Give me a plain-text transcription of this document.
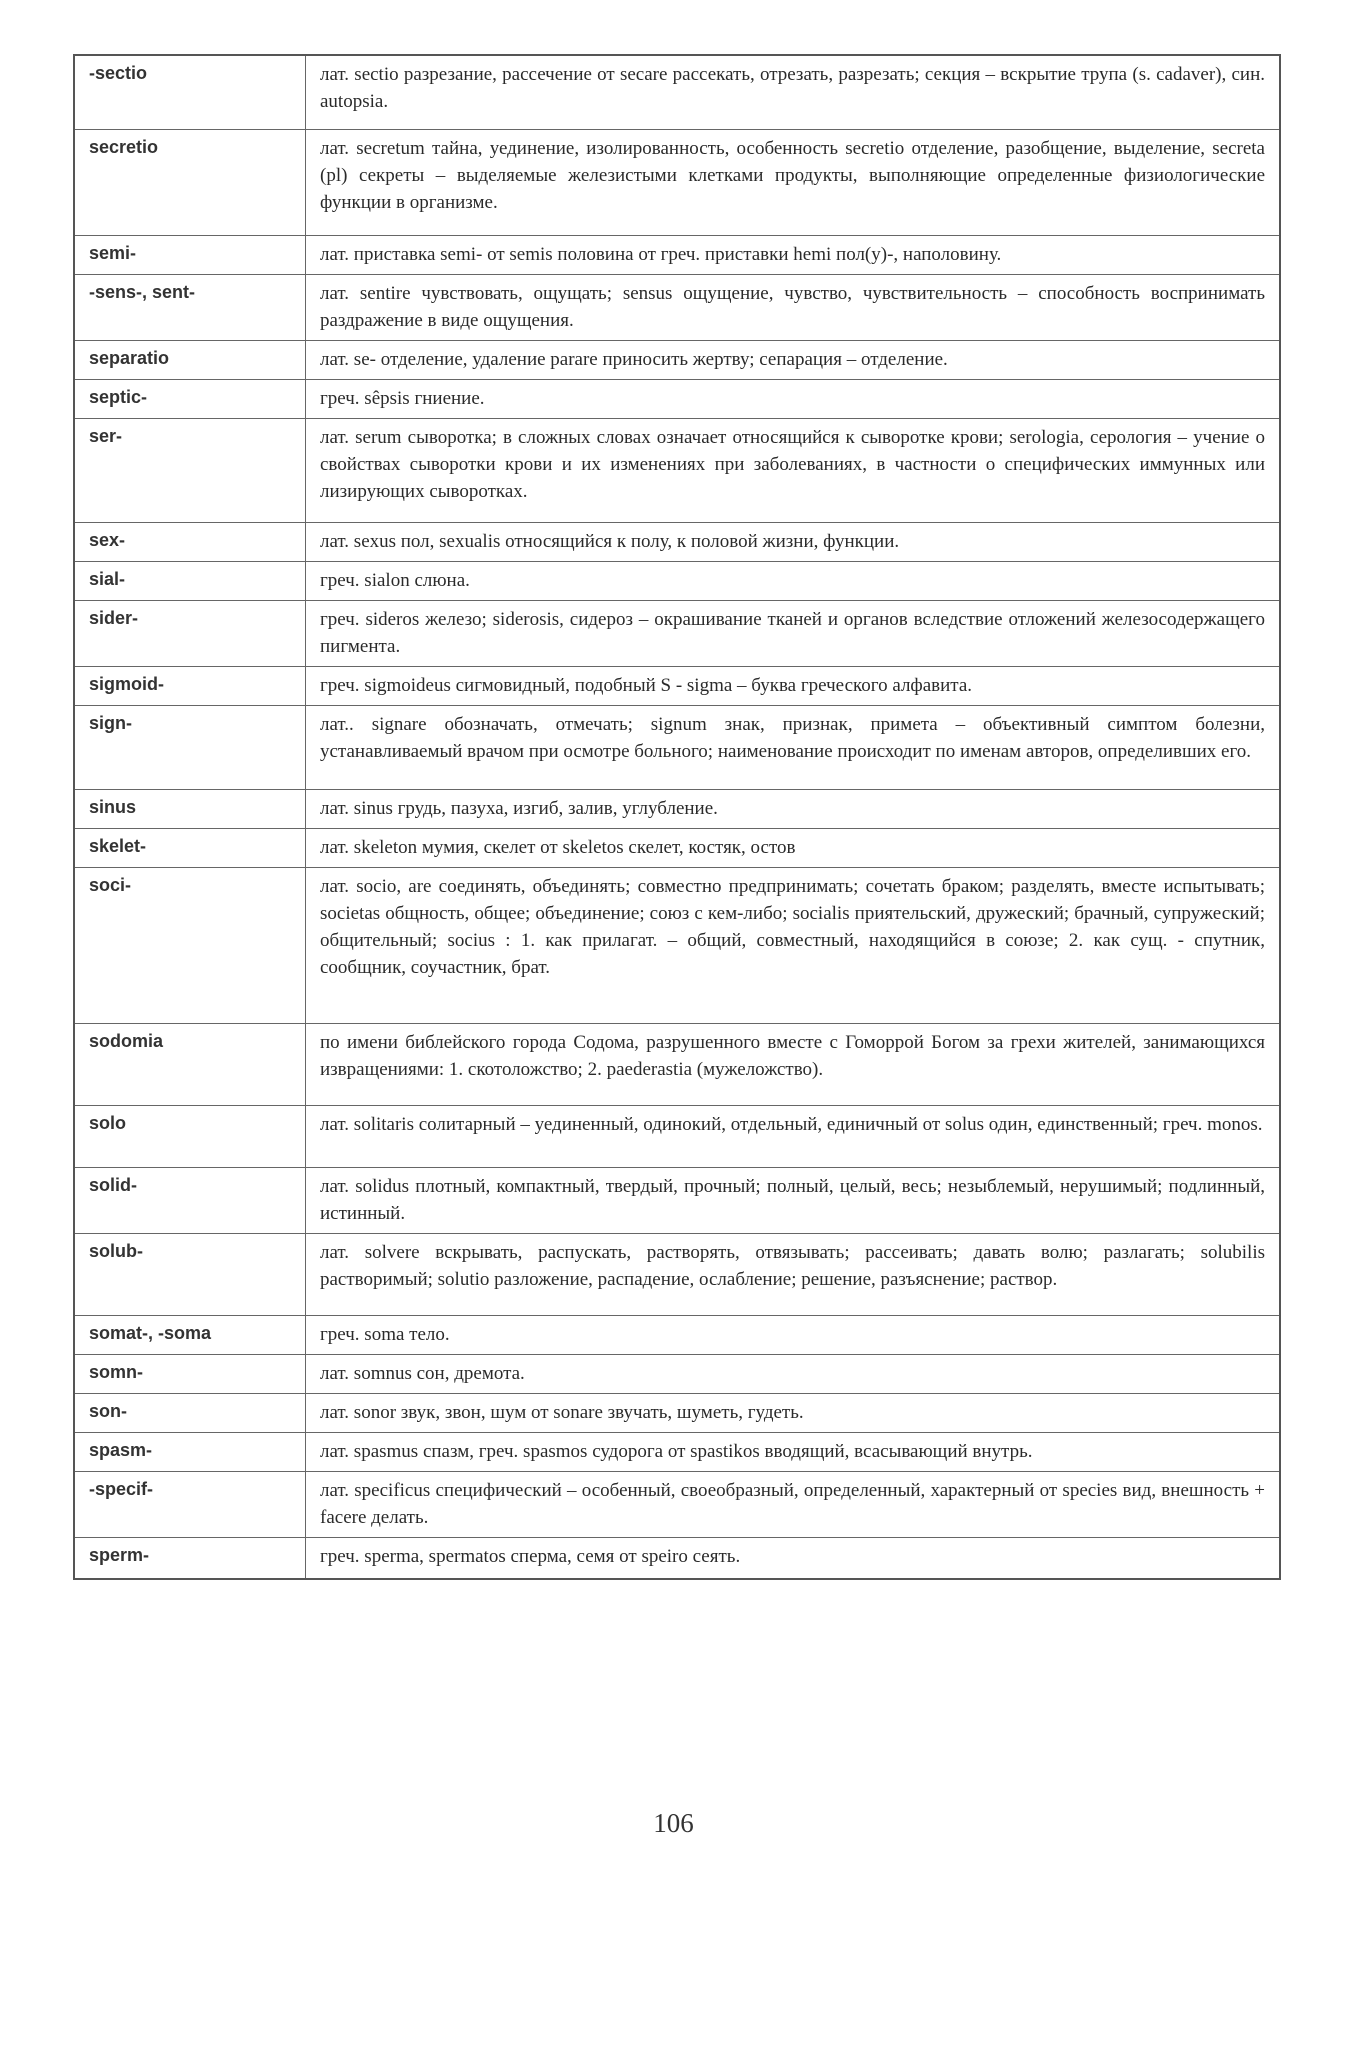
-sectio	лат. sectio разрезание, рассечение от secare рассекать, отрезать, разрезать; секция – вскрытие трупа (s. cadaver), син. autopsia.
secretio	лат. secretum тайна, уединение, изолированность, особенность secretio отделение, разобщение, выделение, secreta (pl) секреты – выделяемые железистыми клетками продукты, выполняющие определенные физиологические функции в организме.
semi-	лат. приставка semi- от semis половина от греч. приставки hemi пол(у)-, наполовину.
-sens-, sent-	лат. sentire чувствовать, ощущать; sensus ощущение, чувство, чувствительность – способность воспринимать раздражение в виде ощущения.
separatio	лат. se- отделение, удаление parare приносить жертву; сепарация – отделение.
septic-	греч. sêpsis гниение.
ser-	лат. serum сыворотка; в сложных словах означает относящийся к сыворотке крови; serologia, серология – учение о свойствах сыворотки крови и их изменениях при заболеваниях, в частности о специфических иммунных или лизирующих сыворотках.
sex-	лат. sexus пол, sexualis относящийся к полу, к половой жизни, функции.
sial-	греч. sialon слюна.
sider-	греч. sideros железо; siderosis, сидероз – окрашивание тканей и органов вследствие отложений железосодержащего пигмента.
sigmoid-	греч. sigmoideus сигмовидный, подобный S - sigma – буква греческого алфавита.
sign-	лат.. signare обозначать, отмечать; signum знак, признак, примета – объективный симптом болезни, устанавливаемый врачом при осмотре больного; наименование происходит по именам авторов, определивших его.
sinus	лат. sinus грудь, пазуха, изгиб, залив, углубление.
skelet-	лат. skeleton мумия, скелет от skeletos скелет, костяк, остов
soci-	лат. socio, are соединять, объединять; совместно предпринимать; сочетать браком; разделять, вместе испытывать; societas общность, общее; объединение; союз с кем-либо; socialis приятельский, дружеский; брачный, супружеский; общительный; socius : 1. как прилагат. – общий, совместный, находящийся в союзе; 2. как сущ. - спутник, сообщник, соучастник, брат.
sodomia	по имени библейского города Содома, разрушенного вместе с Гоморрой Богом за грехи жителей, занимающихся извращениями: 1. скотоложство; 2. paederastia (мужеложство).
solo	лат. solitaris солитарный – уединенный, одинокий, отдельный, единичный от solus один, единственный; греч. monos.
solid-	лат. solidus плотный, компактный, твердый, прочный; полный, целый, весь; незыблемый, нерушимый; подлинный, истинный.
solub-	лат. solvere вскрывать, распускать, растворять, отвязывать; рассеивать; давать волю; разлагать; solubilis растворимый; solutio разложение, распадение, ослабление; решение, разъяснение; раствор.
somat-, -soma	греч. soma тело.
somn-	лат. somnus сон, дремота.
son-	лат. sonor звук, звон, шум от sonare звучать, шуметь, гудеть.
spasm-	лат. spasmus спазм, греч. spasmos судорога от spastikos вводящий, всасывающий внутрь.
-specif-	лат. specificus специфический – особенный, своеобразный, определенный, характерный от species вид, внешность + facere делать.
sperm-	греч. sperma, spermatos сперма, семя от speiro сеять.
106
